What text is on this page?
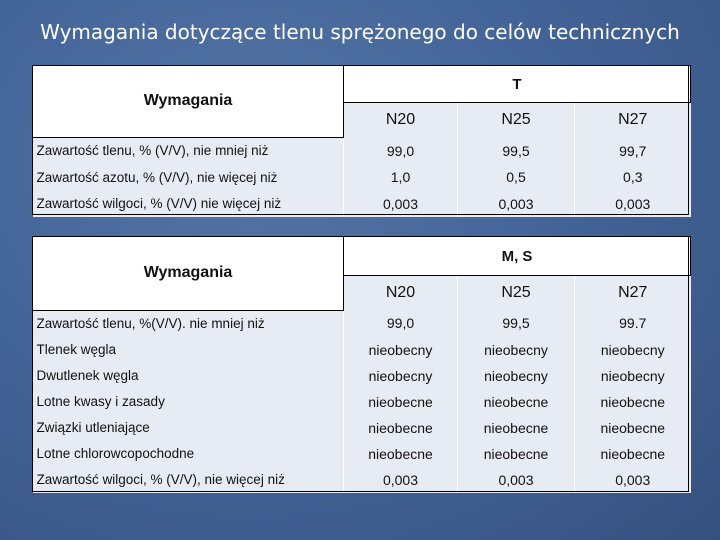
Wymagania dotyczące tlenu sprężonego do celów technicznych
Wymagania	T		
	N20	N25	N27
Zawartość tlenu, % (V/V), nie mniej niż	99,0	99,5	99,7
Zawartość azotu, % (V/V), nie więcej niż	1,0	0,5	0,3
Zawartość wilgoci, % (V/V) nie więcej niż	0,003	0,003	0,003
Wymagania	M, S		
	N20	N25	N27
Zawartość tlenu, %(V/V). nie mniej niż	99,0	99,5	99.7
Tlenek węgla	nieobecny	nieobecny	nieobecny
Dwutlenek węgla	nieobecny	nieobecny	nieobecny
Lotne kwasy i zasady	nieobecne	nieobecne	nieobecne
Związki utleniające	nieobecne	nieobecne	nieobecne
Lotne chlorowcopochodne	nieobecne	nieobecne	nieobecne
Zawartość wilgoci, % (V/V), nie więcej niż	0,003	0,003	0,003
